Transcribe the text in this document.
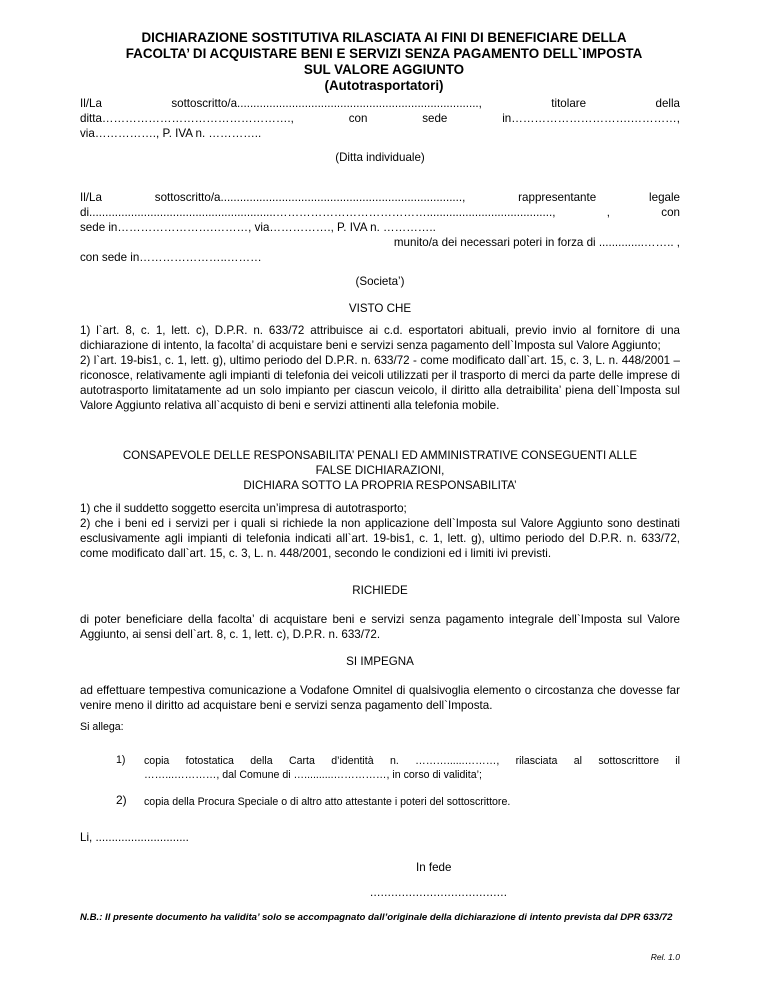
DICHIARAZIONE SOSTITUTIVA RILASCIATA AI FINI DI BENEFICIARE DELLA
FACOLTA’ DI ACQUISTARE BENI E SERVIZI SENZA PAGAMENTO DELL`IMPOSTA
SUL VALORE AGGIUNTO
(Autotrasportatori)

Il/La sottoscritto/a..........................................................................., titolare della

ditta…………………………………………., con sede in………………………….…………,

via……………., P. IVA n. …………..

(Ditta individuale)

Il/La sottoscritto/a..........................................................................., rappresentante legale

di..........................................................…………………………………......................................., , con

sede in…………………….………, via……………., P. IVA n. …………..

munito/a dei necessari poteri in forza di ..............…….. ,

con sede in…………………..………

(Societa’)
VISTO CHE

1) l`art. 8, c. 1, lett. c), D.P.R. n. 633/72 attribuisce ai c.d. esportatori abituali, previo invio al fornitore di una dichiarazione di intento, la facolta’ di acquistare beni e servizi senza pagamento dell`Imposta sul Valore Aggiunto;

2) l`art. 19-bis1, c. 1, lett. g), ultimo periodo del D.P.R. n. 633/72 - come modificato dall`art. 15, c. 3, L. n. 448/2001 – riconosce, relativamente agli impianti di telefonia dei veicoli utilizzati per il trasporto di merci da parte delle imprese di autotrasporto limitatamente ad un solo impianto per ciascun veicolo, il diritto alla detraibilita’ piena dell`Imposta sul Valore Aggiunto relativa all`acquisto di beni e servizi attinenti alla telefonia mobile.

CONSAPEVOLE DELLE RESPONSABILITA’ PENALI ED AMMINISTRATIVE CONSEGUENTI ALLE
FALSE DICHIARAZIONI,
DICHIARA SOTTO LA PROPRIA RESPONSABILITA’

1) che il suddetto soggetto esercita un’impresa di autotrasporto;

2) che i beni ed i servizi per i quali si richiede la non applicazione dell`Imposta sul Valore Aggiunto sono destinati esclusivamente agli impianti di telefonia indicati all`art. 19-bis1, c. 1, lett. g), ultimo periodo del D.P.R. n. 633/72, come modificato dall`art. 15, c. 3, L. n. 448/2001, secondo le condizioni ed i limiti ivi previsti.

RICHIEDE
di poter beneficiare della facolta’ di acquistare beni e servizi senza pagamento integrale dell`Imposta sul Valore Aggiunto, ai sensi dell`art. 8, c. 1, lett. c), D.P.R. n. 633/72.
SI IMPEGNA
ad effettuare tempestiva comunicazione a Vodafone Omnitel di qualsivoglia elemento o circostanza che dovesse far venire meno il diritto ad acquistare beni e servizi senza pagamento dell`Imposta.
Si allega:
1) copia fotostatica della Carta d’identità n. ………......………, rilasciata al sottoscrittore il

……...…………, dal Comune di …..........……………, in corso di validita’;

2) copia della Procura Speciale o di altro atto attestante i poteri del sottoscrittore.

Li, .............................
In fede
.......................................
N.B.: Il presente documento ha validita’ solo se accompagnato dall’originale della dichiarazione di intento prevista dal DPR 633/72
Rel. 1.0
